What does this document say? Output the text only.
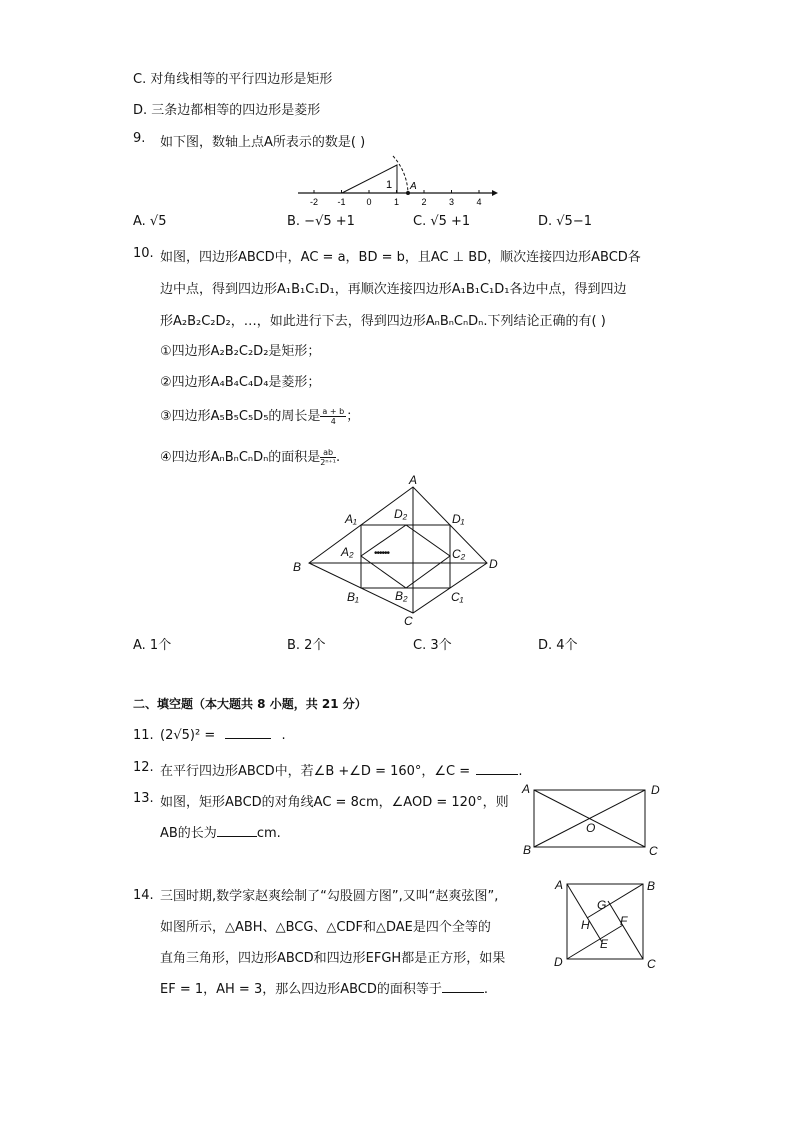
C. 对角线相等的平行四边形是矩形
D. 三条边都相等的四边形是菱形
9. 如下图，数轴上点A所表示的数是( )
-2 -1 0 1 2 3 4
1 A
A. √5	B. −√5 +1	C. √5 +1	D. √5−1
10. 如图，四边形ABCD中，AC = a，BD = b，且AC ⊥ BD，顺次连接四边形ABCD各
边中点，得到四边形A₁B₁C₁D₁，再顺次连接四边形A₁B₁C₁D₁各边中点，得到四边
形A₂B₂C₂D₂，…，如此进行下去，得到四边形AₙBₙCₙDₙ.下列结论正确的有( )
①四边形A₂B₂C₂D₂是矩形；
②四边形A₄B₄C₄D₄是菱形；
③四边形A₅B₅C₅D₅的周长是 $\frac{a + b}{4}$ ；
④四边形AₙBₙCₙDₙ的面积是 $\frac{ab}{\text{2ⁿ⁺¹}}$ .
A
B
C
D
A₁
B₁	C₁
D₁
A₂
B₂
C₂
D₂
••••••
A. 1个	B. 2个	C. 3个	D. 4个
二、填空题（本大题共 8 小题，共 21 分）
11. (2√5)² =	.
12. 在平行四边形ABCD中，若∠B +∠D = 160°，∠C =	.
13. 如图，矩形ABCD的对角线AC = 8cm，∠AOD = 120°，则
AB的长为	cm.
A
B	C
D
O
14. 三国时期,数学家赵爽绘制了“勾股圆方图”,又叫“赵爽弦图”,
如图所示，△ABH、△BCG、△CDF和△DAE是四个全等的
直角三角形，四边形ABCD和四边形EFGH都是正方形，如果
EF = 1，AH = 3，那么四边形ABCD的面积等于	.
A	B
C
D
E
F
G
H
